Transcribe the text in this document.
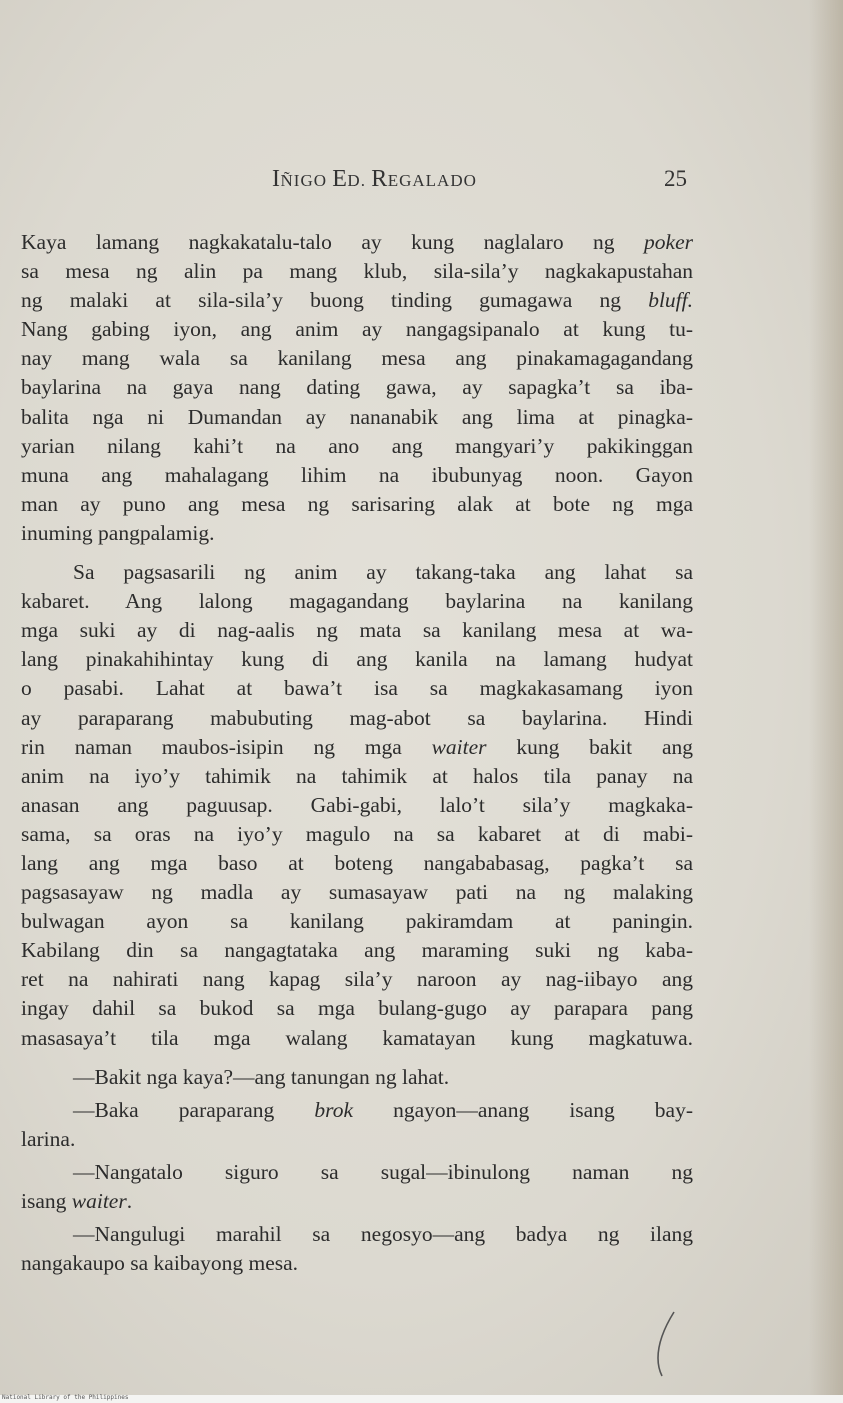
IÑIGO ED. REGALADO	25
Kaya lamang nagkakatalu-talo ay kung naglalaro ng poker
sa mesa ng alin pa mang klub, sila-sila’y nagkakapustahan
ng malaki at sila-sila’y buong tinding gumagawa ng bluff.
Nang gabing iyon, ang anim ay nangagsipanalo at kung tu-
nay mang wala sa kanilang mesa ang pinakamagagandang
baylarina na gaya nang dating gawa, ay sapagka’t sa iba-
balita nga ni Dumandan ay nananabik ang lima at pinagka-
yarian nilang kahi’t na ano ang mangyari’y pakikinggan
muna ang mahalagang lihim na ibubunyag noon. Gayon
man ay puno ang mesa ng sarisaring alak at bote ng mga
inuming pangpalamig.
Sa pagsasarili ng anim ay takang-taka ang lahat sa
kabaret. Ang lalong magagandang baylarina na kanilang
mga suki ay di nag-aalis ng mata sa kanilang mesa at wa-
lang pinakahihintay kung di ang kanila na lamang hudyat
o pasabi. Lahat at bawa’t isa sa magkakasamang iyon
ay paraparang mabubuting mag-abot sa baylarina. Hindi
rin naman maubos-isipin ng mga waiter kung bakit ang
anim na iyo’y tahimik na tahimik at halos tila panay na
anasan ang paguusap. Gabi-gabi, lalo’t sila’y magkaka-
sama, sa oras na iyo’y magulo na sa kabaret at di mabi-
lang ang mga baso at boteng nangababasag, pagka’t sa
pagsasayaw ng madla ay sumasayaw pati na ng malaking
bulwagan ayon sa kanilang pakiramdam at paningin.
Kabilang din sa nangagtataka ang maraming suki ng kaba-
ret na nahirati nang kapag sila’y naroon ay nag-iibayo ang
ingay dahil sa bukod sa mga bulang-gugo ay parapara pang
masasaya’t tila mga walang kamatayan kung magkatuwa.
—Bakit nga kaya?—ang tanungan ng lahat.
—Baka paraparang brok ngayon—anang isang bay-
larina.
—Nangatalo siguro sa sugal—ibinulong naman ng
isang waiter.
—Nangulugi marahil sa negosyo—ang badya ng ilang
nangakaupo sa kaibayong mesa.
National Library of the Philippines
